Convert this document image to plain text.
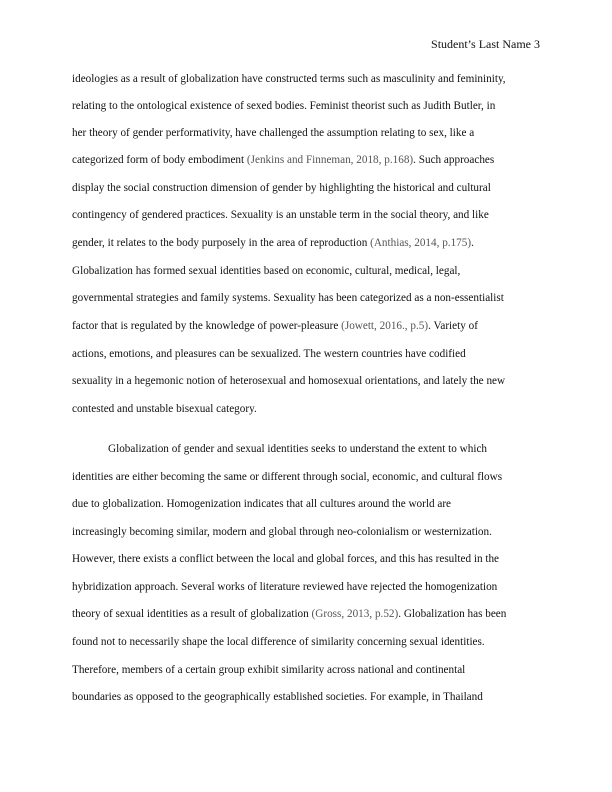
Student’s Last Name 3
ideologies as a result of globalization have constructed terms such as masculinity and femininity,
relating to the ontological existence of sexed bodies. Feminist theorist such as Judith Butler, in
her theory of gender performativity, have challenged the assumption relating to sex, like a
categorized form of body embodiment (Jenkins and Finneman, 2018, p.168). Such approaches
display the social construction dimension of gender by highlighting the historical and cultural
contingency of gendered practices. Sexuality is an unstable term in the social theory, and like
gender, it relates to the body purposely in the area of reproduction (Anthias, 2014, p.175).
Globalization has formed sexual identities based on economic, cultural, medical, legal,
governmental strategies and family systems. Sexuality has been categorized as a non-essentialist
factor that is regulated by the knowledge of power-pleasure (Jowett, 2016., p.5). Variety of
actions, emotions, and pleasures can be sexualized. The western countries have codified
sexuality in a hegemonic notion of heterosexual and homosexual orientations, and lately the new
contested and unstable bisexual category.
Globalization of gender and sexual identities seeks to understand the extent to which
identities are either becoming the same or different through social, economic, and cultural flows
due to globalization. Homogenization indicates that all cultures around the world are
increasingly becoming similar, modern and global through neo-colonialism or westernization.
However, there exists a conflict between the local and global forces, and this has resulted in the
hybridization approach. Several works of literature reviewed have rejected the homogenization
theory of sexual identities as a result of globalization (Gross, 2013, p.52). Globalization has been
found not to necessarily shape the local difference of similarity concerning sexual identities.
Therefore, members of a certain group exhibit similarity across national and continental
boundaries as opposed to the geographically established societies. For example, in Thailand
